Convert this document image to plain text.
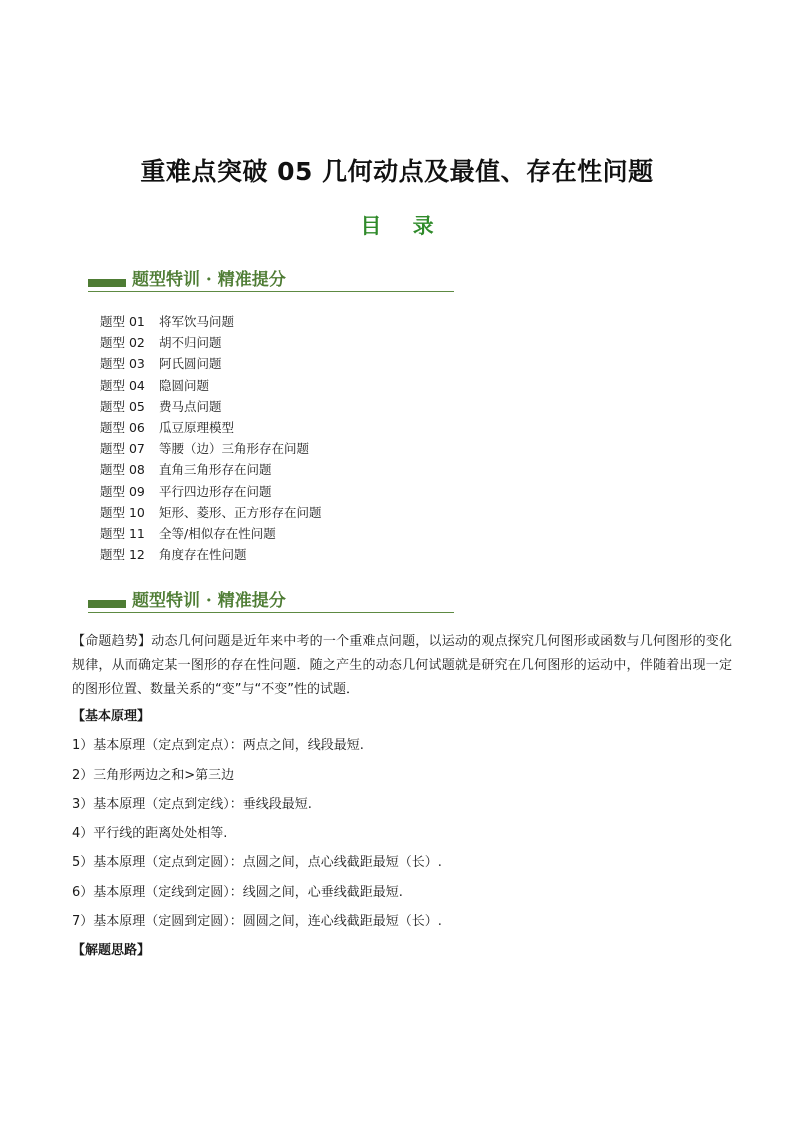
重难点突破 05 几何动点及最值、存在性问题
目 录
题型特训 · 精准提分
题型 01 将军饮马问题
题型 02 胡不归问题
题型 03 阿氏圆问题
题型 04 隐圆问题
题型 05 费马点问题
题型 06 瓜豆原理模型
题型 07 等腰（边）三角形存在问题
题型 08 直角三角形存在问题
题型 09 平行四边形存在问题
题型 10 矩形、菱形、正方形存在问题
题型 11 全等/相似存在性问题
题型 12 角度存在性问题
题型特训 · 精准提分

【命题趋势】动态几何问题是近年来中考的一个重难点问题，以运动的观点探究几何图形或函数与几何图形的变化规律，从而确定某一图形的存在性问题．随之产生的动态几何试题就是研究在几何图形的运动中，伴随着出现一定的图形位置、数量关系的“变”与“不变”性的试题．

【基本原理】

1）基本原理（定点到定点）：两点之间，线段最短.

2）三角形两边之和>第三边

3）基本原理（定点到定线）：垂线段最短.

4）平行线的距离处处相等.

5）基本原理（定点到定圆）：点圆之间，点心线截距最短（长）.

6）基本原理（定线到定圆）：线圆之间，心垂线截距最短.

7）基本原理（定圆到定圆）：圆圆之间，连心线截距最短（长）.

【解题思路】
